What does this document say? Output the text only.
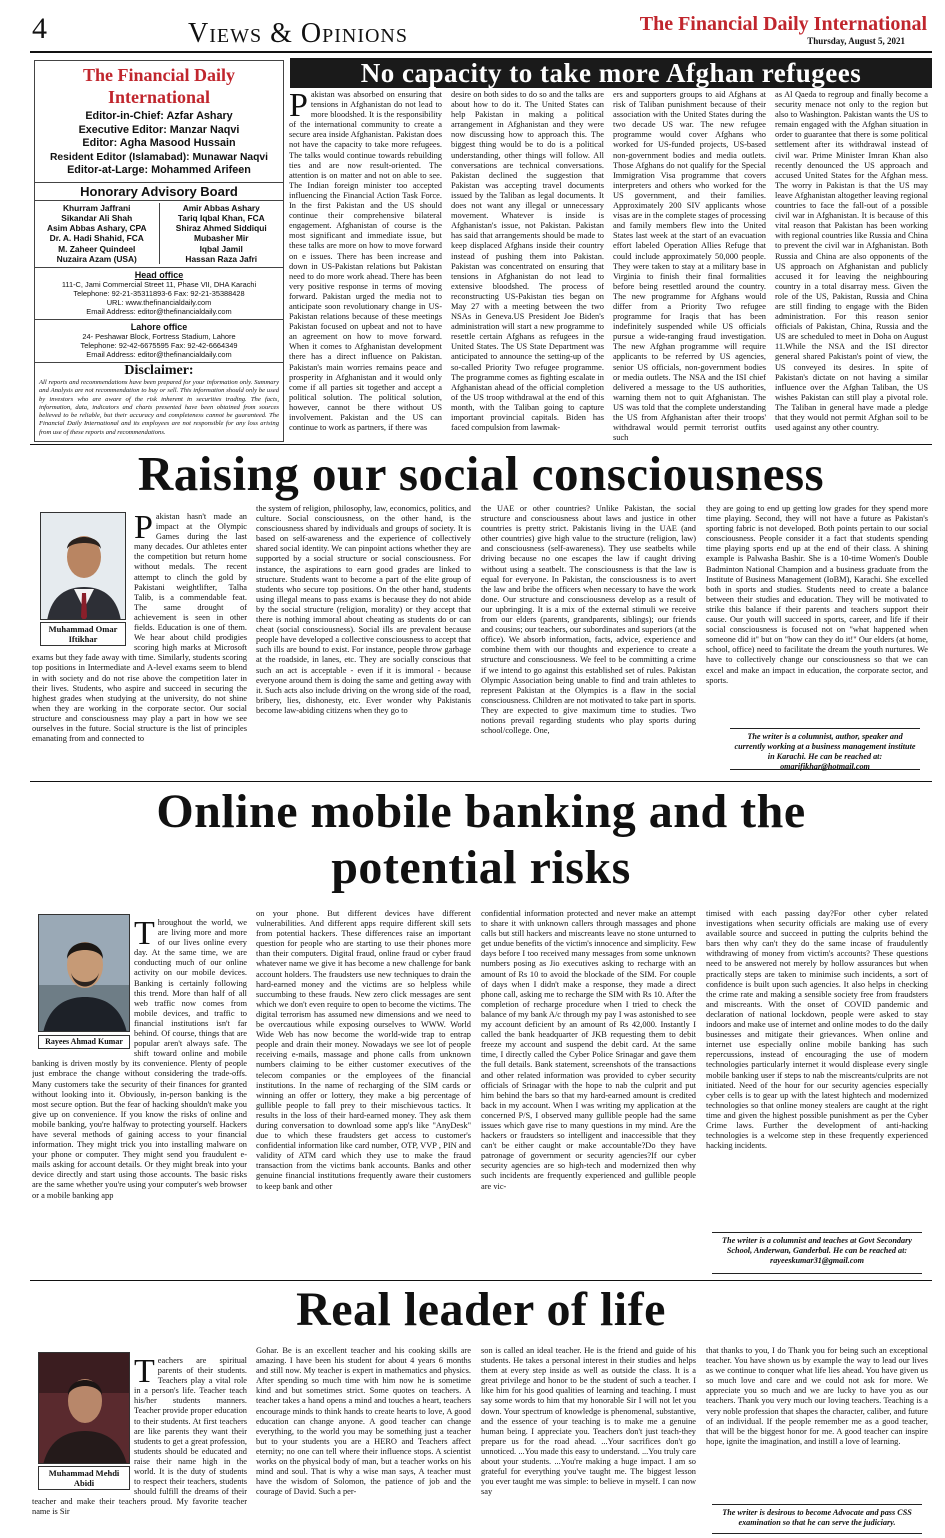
4	Views & Opinions	The Financial Daily International
Thursday, August 5, 2021
The Financial Daily International
Editor-in-Chief: Azfar Ashary
Executive Editor: Manzar Naqvi
Editor: Agha Masood Hussain
Resident Editor (Islamabad): Munawar Naqvi
Editor-at-Large: Mohammed Arifeen
Honorary Advisory Board
Khurram Jaffrani
Sikandar Ali Shah
Asim Abbas Ashary, CPA
Dr. A. Hadi Shahid, FCA
M. Zaheer Quindeel
Nuzaira Azam (USA)
Amir Abbas Ashary
Tariq Iqbal Khan, FCA
Shiraz Ahmed Siddiqui
Mubasher Mir
Iqbal Jamil
Hassan Raza Jafri
Head office
111-C, Jami Commercial Street 11, Phase VII, DHA Karachi
Telephone: 92-21-35311893-6 Fax: 92-21-35388428
URL: www.thefinancialdaily.com
Email Address: editor@thefinancialdaily.com
Lahore office
24- Peshawar Block, Fortress Stadium, Lahore
Telephone: 92-42-6675595 Fax: 92-42-6664349
Email Address: editor@thefinancialdaily.com
Disclaimer:
All reports and recommendations have been prepared for your information only. Summary and Analysis are not recommendation to buy or sell. This information should only be used by investors who are aware of the risk inherent in securities trading. The facts, information, data, indicators and charts presented have been obtained from sources believed to be reliable, but their accuracy and completeness cannot be guaranteed. The Financial Daily International and its employees are not responsible for any loss arising from use of these reports and recommendations.
No capacity to take more Afghan refugees
Pakistan was absorbed on ensuring that tensions in Afghanistan do not lead to more bloodshed. It is the responsibility of the international community to create a secure area inside Afghanistan. Pakistan does not have the capacity to take more refugees. The talks would continue towards rebuilding ties and are now result-oriented. The attention is on matter and not on able to see. The Indian foreign minister too accepted influencing the Financial Action Task Force. In the first Pakistan and the US should continue their comprehensive bilateral engagement. Afghanistan of course is the most significant and immediate issue, but these talks are more on how to move forward on e issues. There has been increase and down in US-Pakistan relations but Pakistan need to do more work ahead. There has been very positive response in terms of moving forward. Pakistan urged the media not to anticipate soon revolutionary change in US-Pakistan relations because of these meetings Pakistan focused on upbeat and not to have an agreement on how to move forward. When it comes to Afghanistan development there has a direct influence on Pakistan. Pakistan's main worries remains peace and prosperity in Afghanistan and it would only come if all parties sit together and accept a political solution. The political solution, however, cannot be there without US involvement. Pakistan and the US can continue to work as partners, if there was
desire on both sides to do so and the talks are about how to do it. The United States can help Pakistan in making a political arrangement in Afghanistan and they were now discussing how to approach this. The biggest thing would be to do is a political understanding, other things will follow. All conversations are technical conversations. Pakistan declined the suggestion that Pakistan was accepting travel documents issued by the Taliban as legal documents. It does not want any illegal or unnecessary movement. Whatever is inside is Afghanistan's issue, not Pakistan. Pakistan has said that arrangements should be made to keep displaced Afghans inside their country instead of pushing them into Pakistan. Pakistan was concentrated on ensuring that tensions in Afghanistan do not lead to extensive bloodshed. The process of reconstructing US-Pakistan ties began on May 27 with a meeting between the two NSAs in Geneva.US President Joe Biden's administration will start a new programme to resettle certain Afghans as refugees in the United States. The US State Department was anticipated to announce the setting-up of the so-called Priority Two refugee programme. The programme comes as fighting escalate in Afghanistan ahead of the official completion of the US troop withdrawal at the end of this month, with the Taliban going to capture important provincial capitals. Biden has faced compulsion from lawmak-
ers and supporters groups to aid Afghans at risk of Taliban punishment because of their association with the United States during the two decade US war. The new refugee programme would cover Afghans who worked for US-funded projects, US-based non-government bodies and media outlets. Those Afghans do not qualify for the Special Immigration Visa programme that covers interpreters and others who worked for the US government, and their families. Approximately 200 SIV applicants whose visas are in the complete stages of processing and family members flew into the United States last week at the start of an evacuation effort labeled Operation Allies Refuge that could include approximately 50,000 people. They were taken to stay at a military base in Virginia to finish their final formalities before being resettled around the country. The new programme for Afghans would differ from a Priority Two refugee programme for Iraqis that has been indefinitely suspended while US officials pursue a wide-ranging fraud investigation. The new Afghan programme will require applicants to be referred by US agencies, senior US officials, non-government bodies or media outlets. The NSA and the ISI chief delivered a message to the US authorities, warning them not to quit Afghanistan. The US was told that the complete understanding the US from Afghanistan after their troops' withdrawal would permit terrorist outfits such
as Al Qaeda to regroup and finally become a security menace not only to the region but also to Washington. Pakistan wants the US to remain engaged with the Afghan situation in order to guarantee that there is some political settlement after its withdrawal instead of civil war. Prime Minister Imran Khan also recently denounced the US approach and accused United States for the Afghan mess. The worry in Pakistan is that the US may leave Afghanistan altogether leaving regional countries to face the fall-out of a possible civil war in Afghanistan. It is because of this vital reason that Pakistan has been working with regional countries like Russia and China to prevent the civil war in Afghanistan. Both Russia and China are also opponents of the US approach on Afghanistan and publicly accused it for leaving the neighbouring country in a total disarray mess. Given the role of the US, Pakistan, Russia and China are still finding to engage with the Biden administration. For this reason senior officials of Pakistan, China, Russia and the US are scheduled to meet in Doha on August 11.While the NSA and the ISI director general shared Pakistan's point of view, the US conveyed its desires. In spite of Pakistan's dictate on not having a similar influence over the Afghan Taliban, the US wishes Pakistan can still play a pivotal role. The Taliban in general have made a pledge that they would not permit Afghan soil to be used against any other country.
Raising our social consciousness
Muhammad Omar Iftikhar
Pakistan hasn't made an impact at the Olympic Games during the last many decades. Our athletes enter the competition but return home without medals. The recent attempt to clinch the gold by Pakistani weightlifter, Talha Talib, is a commendable feat. The same drought of achievement is seen in other fields. Education is one of them. We hear about child prodigies scoring high marks at Microsoft exams but they fade away with time. Similarly, students scoring top positions in Intermediate and A-level exams seem to blend in with society and do not rise above the competition later in their lives. Students, who aspire and succeed in securing the highest grades when studying at the university, do not shine when they are working in the corporate sector. Our social structure and consciousness may play a part in how we see ourselves in the future. Social structure is the list of principles emanating from and connected to
the system of religion, philosophy, law, economics, politics, and culture. Social consciousness, on the other hand, is the consciousness shared by individuals and groups of society. It is based on self-awareness and the experience of collectively shared social identity. We can pinpoint actions whether they are supported by a social structure or social consciousness. For instance, the aspirations to earn good grades are linked to structure. Students want to become a part of the elite group of students who secure top positions. On the other hand, students using illegal means to pass exams is because they do not abide by the social structure (religion, morality) or they accept that there is nothing immoral about cheating as students do or can cheat (social consciousness). Social ills are prevalent because people have developed a collective consciousness to accept that such ills are bound to exist. For instance, people throw garbage at the roadside, in lanes, etc. They are socially conscious that such an act is acceptable - even if it is immoral - because everyone around them is doing the same and getting away with it. Such acts also include driving on the wrong side of the road, bribery, lies, dishonesty, etc. Ever wonder why Pakistanis become law-abiding citizens when they go to
the UAE or other countries? Unlike Pakistan, the social structure and consciousness about laws and justice in other countries is pretty strict. Pakistanis living in the UAE (and other countries) give high value to the structure (religion, law) and consciousness (self-awareness). They use seatbelts while driving because no one escapes the law if caught driving without using a seatbelt. The consciousness is that the law is equal for everyone. In Pakistan, the consciousness is to avert the law and bribe the officers when necessary to have the work done. Our structure and consciousness develop as a result of our upbringing. It is a mix of the external stimuli we receive from our elders (parents, grandparents, siblings); our friends and cousins; our teachers, our subordinates and superiors (at the office). We absorb information, facts, advice, experience and combine them with our thoughts and experience to create a structure and consciousness. We feel to be committing a crime if we intend to go against this established set of rules. Pakistan Olympic Association being unable to find and train athletes to represent Pakistan at the Olympics is a flaw in the social consciousness. Children are not motivated to take part in sports. They are expected to give maximum time to studies. Two notions prevail regarding students who play sports during school/college. One,
they are going to end up getting low grades for they spend more time playing. Second, they will not have a future as Pakistan's sporting fabric is not developed. Both points pertain to our social consciousness. People consider it a fact that students spending time playing sports end up at the end of their class. A shining example is Palwasha Bashir. She is a 10-time Women's Double Badminton National Champion and a business graduate from the Institute of Business Management (IoBM), Karachi. She excelled both in sports and studies. Students need to create a balance between their studies and education. They will be motivated to strike this balance if their parents and teachers support their cause. Our youth will succeed in sports, career, and life if their social consciousness is focused not on "what happened when someone did it" but on "how can they do it!" Our elders (at home, school, office) need to facilitate the dream the youth nurtures. We have to collectively change our consciousness so that we can excel and make an impact in education, the corporate sector, and sports.
The writer is a columnist, author, speaker and currently working at a business management institute in Karachi. He can be reached at: omarifikhar@hotmail.com
Online mobile banking and the
potential risks
Rayees Ahmad Kumar
Throughout the world, we are living more and more of our lives online every day. At the same time, we are conducting much of our online activity on our mobile devices. Banking is certainly following this trend. More than half of all web traffic now comes from mobile devices, and traffic to financial institutions isn't far behind. Of course, things that are popular aren't always safe. The shift toward online and mobile banking is driven mostly by its convenience. Plenty of people just embrace the change without considering the trade-offs. Many customers take the security of their finances for granted without looking into it. Obviously, in-person banking is the most secure option. But the fear of hacking shouldn't make you give up on convenience. If you know the risks of online and mobile banking, you're halfway to protecting yourself. Hackers have several methods of gaining access to your financial information. They might trick you into installing malware on your phone or computer. They might send you fraudulent e-mails asking for account details. Or they might break into your device directly and start using those accounts. The basic risks are the same whether you're using your computer's web browser or a mobile banking app
on your phone. But different devices have different vulnerabilities. And different apps require different skill sets from potential hackers. These differences raise an important question for people who are starting to use their phones more than their computers. Digital fraud, online fraud or cyber fraud whatever name we give it has become a new challenge for bank account holders. The fraudsters use new techniques to drain the hard-earned money and the victims are so helpless while succumbing to these frauds. New zero click messages are sent which we don't even require to open to become the victims. The digital terrorism has assumed new dimensions and we need to be overcautious while exposing ourselves to WWW. World Wide Web has now become the world-wide trap to entrap people and drain their money. Nowadays we see lot of people receiving e-mails, massage and phone calls from unknown numbers claiming to be either customer executives of the telecom companies or the employees of the financial institutions. In the name of recharging of the SIM cards or winning an offer or lottery, they make a big percentage of gullible people to fall prey to their mischievous tactics. It results in the loss of their hard-earned money. They ask them during conversation to download some app's like "AnyDesk" due to which these fraudsters get access to customer's confidential information like card number, OTP, VVP , PIN and validity of ATM card which they use to make the fraud transaction from the victims bank accounts. Banks and other genuine financial institutions frequently aware their customers to keep bank and other
confidential information protected and never make an attempt to share it with unknown callers through massages and phone calls but still hackers and miscreants leave no stone unturned to get undue benefits of the victim's innocence and simplicity. Few days before I too received many messages from some unknown numbers posing as Jio executives asking to recharge with an amount of Rs 10 to avoid the blockade of the SIM. For couple of days when I didn't make a response, they made a direct phone call, asking me to recharge the SIM with Rs 10. After the completion of recharge procedure when I tried to check the balance of my bank A/c through my pay I was astonished to see my account deficient by an amount of Rs 42,000. Instantly I called the bank headquarter of JKB requesting them to debit freeze my account and suspend the debit card. At the same time, I directly called the Cyber Police Srinagar and gave them the full details. Bank statement, screenshots of the transactions and other related information was provided to cyber security officials of Srinagar with the hope to nab the culprit and put him behind the bars so that my hard-earned amount is credited back in my account. When I was writing my application at the concerned P/S, I observed many gullible people had the same issues which gave rise to many questions in my mind. Are the hackers or fraudsters so intelligent and inaccessible that they can't be either caught or make accountable?Do they have patronage of government or security agencies?If our cyber security agencies are so high-tech and modernized then why such incidents are frequently experienced and gullible people are vic-
timised with each passing day?For other cyber related investigations when security officials are making use of every available source and succeed in putting the culprits behind the bars then why can't they do the same incase of fraudulently withdrawing of money from victim's accounts? These questions need to be answered not merely by hollow assurances but when practically steps are taken to minimise such incidents, a sort of confidence is built upon such agencies. It also helps in checking the crime rate and making a sensible society free from fraudsters and miscreants. With the onset of COVID pandemic and declaration of national lockdown, people were asked to stay indoors and make use of internet and online modes to do the daily businesses and mitigate their grievances. When online and internet use especially online mobile banking has such repercussions, instead of encouraging the use of modern technologies particularly internet it would displease every single mobile banking user if steps to nab the miscreants/culprits are not initiated. Need of the hour for our security agencies especially cyber cells is to gear up with the latest hightech and modernized technologies so that online money stealers are caught at the right time and given the highest possible punishment as per the Cyber Crime laws. Further the development of anti-hacking technologies is a welcome step in these frequently experienced hacking incidents.
The writer is a columnist and teaches at Govt Secondary School, Anderwan, Ganderbal. He can be reached at: rayeeskumar31@gmail.com
Real leader of life
Muhammad Mehdi Abidi
Teachers are spiritual parents of their students. Teachers play a vital role in a person's life. Teacher teach his/her students manners. Teacher provide proper education to their students. At first teachers are like parents they want their students to get a great profession, students should be educated and raise their name high in the world. It is the duty of students to respect their teachers, students should fulfill the dreams of their teacher and make their teachers proud. My favorite teacher name is Sir
Gohar. Be is an excellent teacher and his cooking skills are amazing. I have been his student for about 4 years 6 months and still now. My teacher is expert in mathematics and physics. After spending so much time with him now he is sometime kind and but sometimes strict. Some quotes on teachers. A teacher takes a hand opens a mind and touches a heart, teachers encourage minds to think hands to create hearts to love, A good education can change anyone. A good teacher can change everything, to the world you may be something just a teacher but to your students you are a HERO and Teachers affect eternity; no one can tell where their influence stops. A scientist works on the physical body of man, but a teacher works on his mind and soul. That is why a wise man says, A teacher must have the wisdom of Solomon, the patience of job and the courage of David. Such a per-
son is called an ideal teacher. He is the friend and guide of his students. He takes a personal interest in their studies and helps them at every step inside as well as outside the class. It is a great privilege and honor to be the student of such a teacher. I like him for his good qualities of learning and teaching. I must say some words to him that my honorable Sir I will not let you down. Your spectrum of knowledge is phenomenal, substantive, and the essence of your teaching is to make me a genuine human being. I appreciate you. Teachers don't just teach-they prepare us for the road ahead. ...Your sacrifices don't go unnoticed. ...You made this easy to understand. ...You truly care about your students. ...You're making a huge impact. I am so grateful for everything you've taught me. The biggest lesson you ever taught me was simple: to believe in myself. I can now say
that thanks to you, I do Thank you for being such an exceptional teacher. You have shown us by example the way to lead our lives as we continue to conquer what life lies ahead. You have given us so much love and care and we could not ask for more. We appreciate you so much and we are lucky to have you as our teachers. Thank you very much our loving teachers. Teaching is a very noble profession that shapes the character, caliber, and future of an individual. If the people remember me as a good teacher, that will be the biggest honor for me. A good teacher can inspire hope, ignite the imagination, and instill a love of learning.
The writer is desirous to become Advocate and pass CSS examination so that he can serve the judiciary.
